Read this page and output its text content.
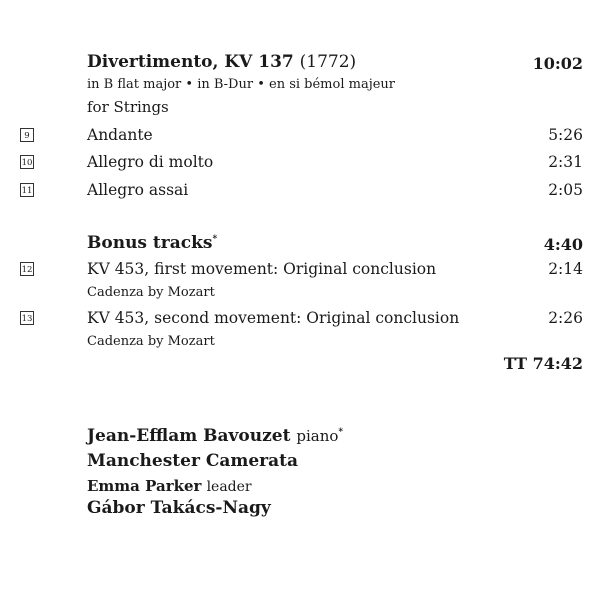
Divertimento, KV 137 (1772)	10:02
in B flat major • in B-Dur • en si bémol majeur
for Strings
9	Andante	5:26
10	Allegro di molto	2:31
11	Allegro assai	2:05
Bonus tracks*	4:40
12	KV 453, first movement: Original conclusion	2:14
Cadenza by Mozart
13	KV 453, second movement: Original conclusion	2:26
Cadenza by Mozart
TT 74:42
Jean-Efflam Bavouzet piano*
Manchester Camerata
Emma Parker leader
Gábor Takács-Nagy
